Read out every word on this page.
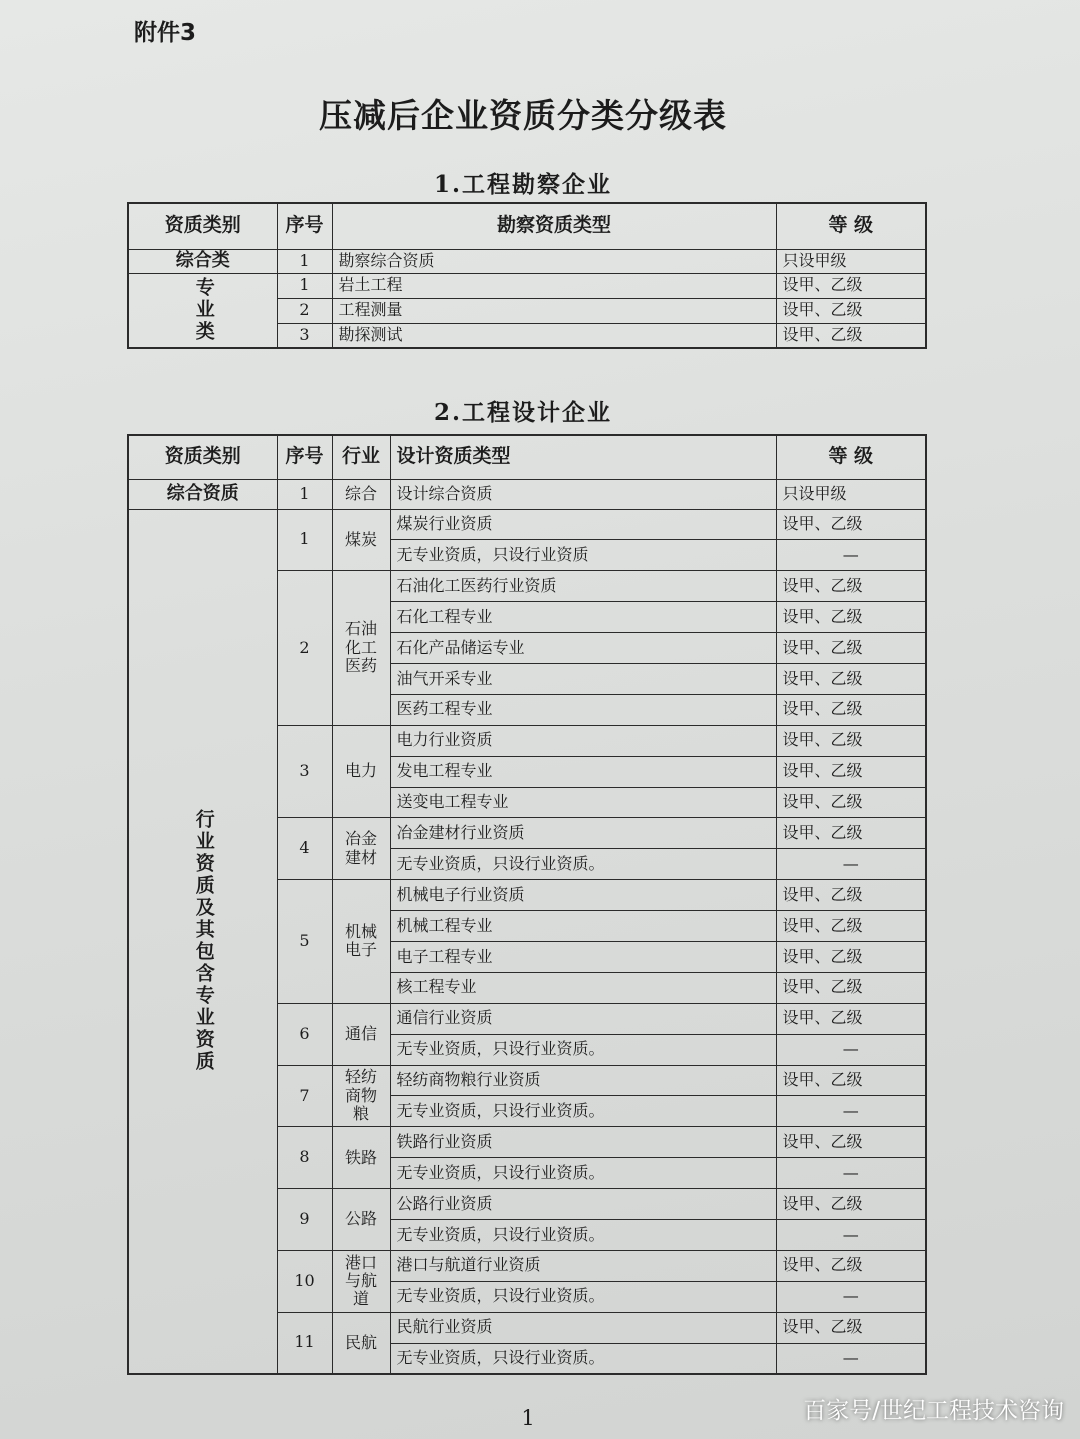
附件3
压减后企业资质分类分级表
1.工程勘察企业
资质类别	序号	勘察资质类型	等 级
综合类	1	勘察综合资质	只设甲级

专业类	1	岩土工程	设甲、乙级
	2	工程测量	设甲、乙级
	3	勘探测试	设甲、乙级
2.工程设计企业
资质类别	序号	行业	设计资质类型	等 级
综合资质	1	综合	设计综合资质	只设甲级

行业资质及其包含专业资质	1	煤炭	煤炭行业资质	设甲、乙级
			无专业资质，只设行业资质	—
	2	石油化工医药	石油化工医药行业资质	设甲、乙级
			石化工程专业	设甲、乙级
			石化产品储运专业	设甲、乙级
			油气开采专业	设甲、乙级
			医药工程专业	设甲、乙级
	3	电力	电力行业资质	设甲、乙级
			发电工程专业	设甲、乙级
			送变电工程专业	设甲、乙级
	4	冶金建材	冶金建材行业资质	设甲、乙级
			无专业资质，只设行业资质。	—
	5	机械电子	机械电子行业资质	设甲、乙级
			机械工程专业	设甲、乙级
			电子工程专业	设甲、乙级
			核工程专业	设甲、乙级
	6	通信	通信行业资质	设甲、乙级
			无专业资质，只设行业资质。	—
	7	轻纺商物粮	轻纺商物粮行业资质	设甲、乙级
			无专业资质，只设行业资质。	—
	8	铁路	铁路行业资质	设甲、乙级
			无专业资质，只设行业资质。	—
	9	公路	公路行业资质	设甲、乙级
			无专业资质，只设行业资质。	—
	10	港口与航道	港口与航道行业资质	设甲、乙级
			无专业资质，只设行业资质。	—
	11	民航	民航行业资质	设甲、乙级
			无专业资质，只设行业资质。	—
1	百家号/世纪工程技术咨询
